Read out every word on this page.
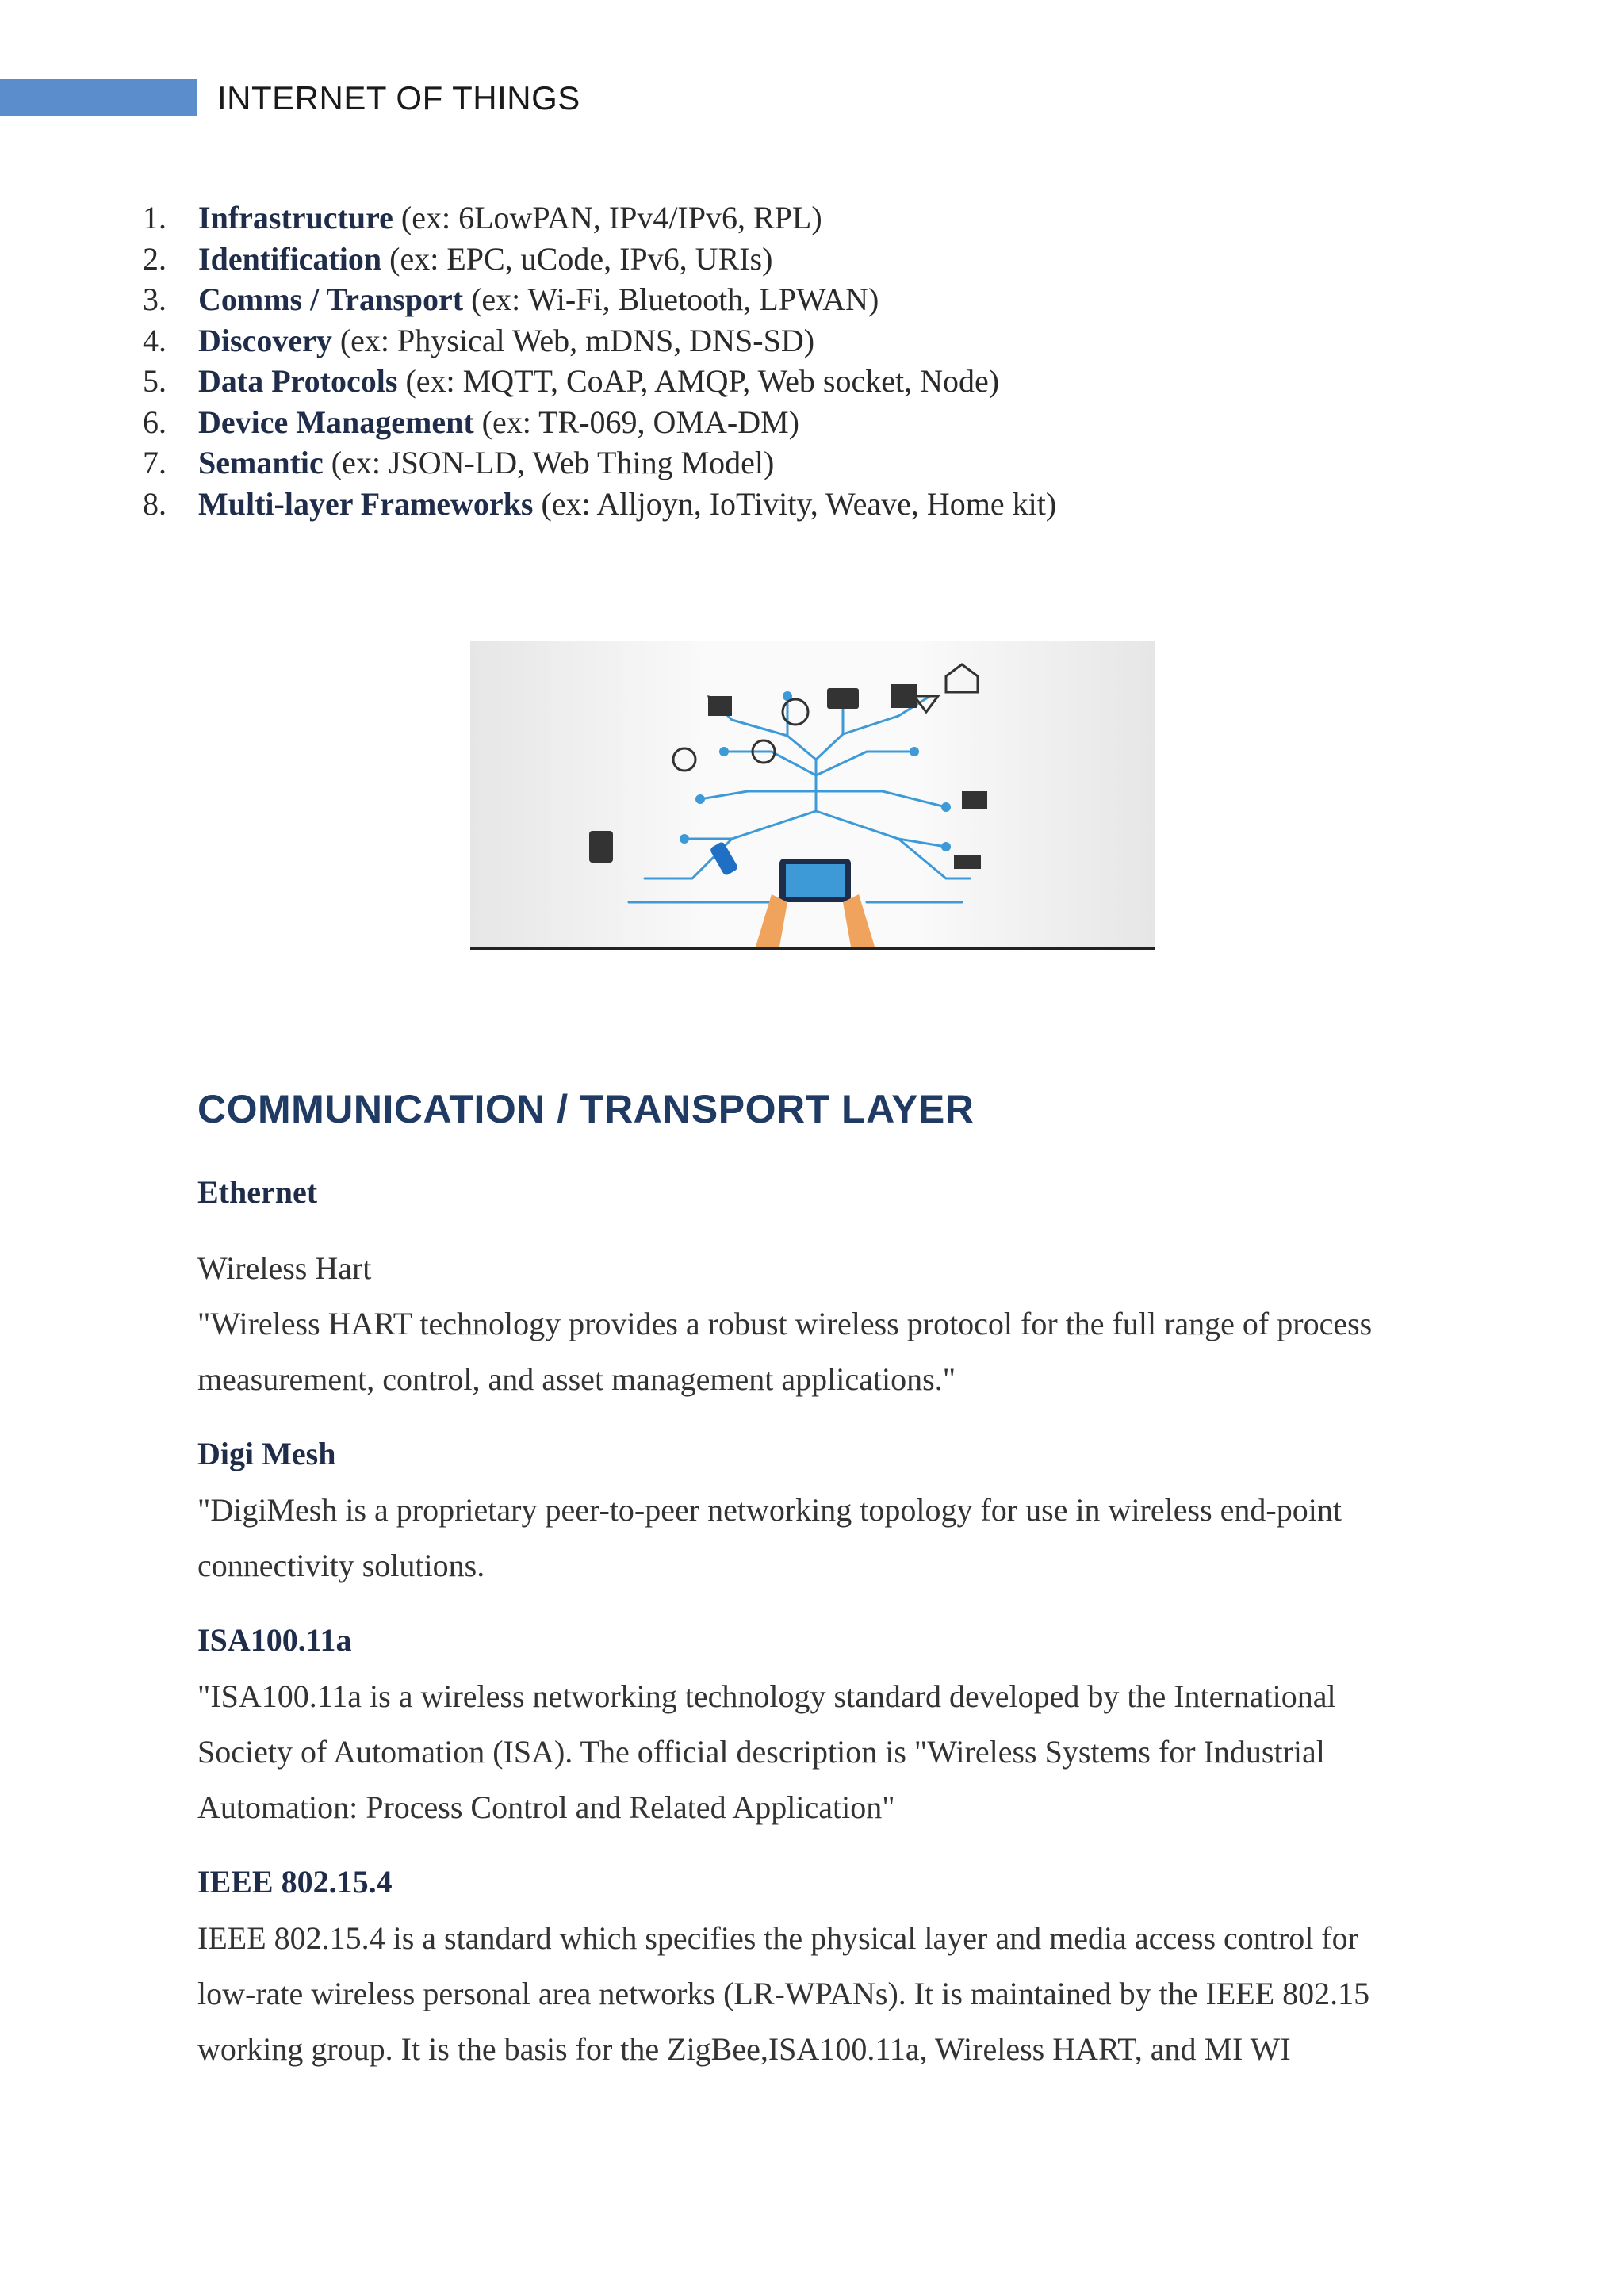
INTERNET OF THINGS
1. Infrastructure (ex: 6LowPAN, IPv4/IPv6, RPL)
2. Identification (ex: EPC, uCode, IPv6, URIs)
3. Comms / Transport (ex: Wi-Fi, Bluetooth, LPWAN)
4. Discovery (ex: Physical Web, mDNS, DNS-SD)
5. Data Protocols (ex: MQTT, CoAP, AMQP, Web socket, Node)
6. Device Management (ex: TR-069, OMA-DM)
7. Semantic (ex: JSON-LD, Web Thing Model)
8. Multi-layer Frameworks (ex: Alljoyn, IoTivity, Weave, Home kit)
COMMUNICATION / TRANSPORT LAYER
Ethernet
Wireless Hart
"Wireless HART technology provides a robust wireless protocol for the full range of process
measurement, control, and asset management applications."
Digi Mesh
"DigiMesh is a proprietary peer-to-peer networking topology for use in wireless end-point
connectivity solutions.
ISA100.11a
"ISA100.11a is a wireless networking technology standard developed by the International
Society of Automation (ISA). The official description is "Wireless Systems for Industrial
Automation: Process Control and Related Application"
IEEE 802.15.4
IEEE 802.15.4 is a standard which specifies the physical layer and media access control for
low-rate wireless personal area networks (LR-WPANs). It is maintained by the IEEE 802.15
working group. It is the basis for the ZigBee,ISA100.11a, Wireless HART, and MI WI
